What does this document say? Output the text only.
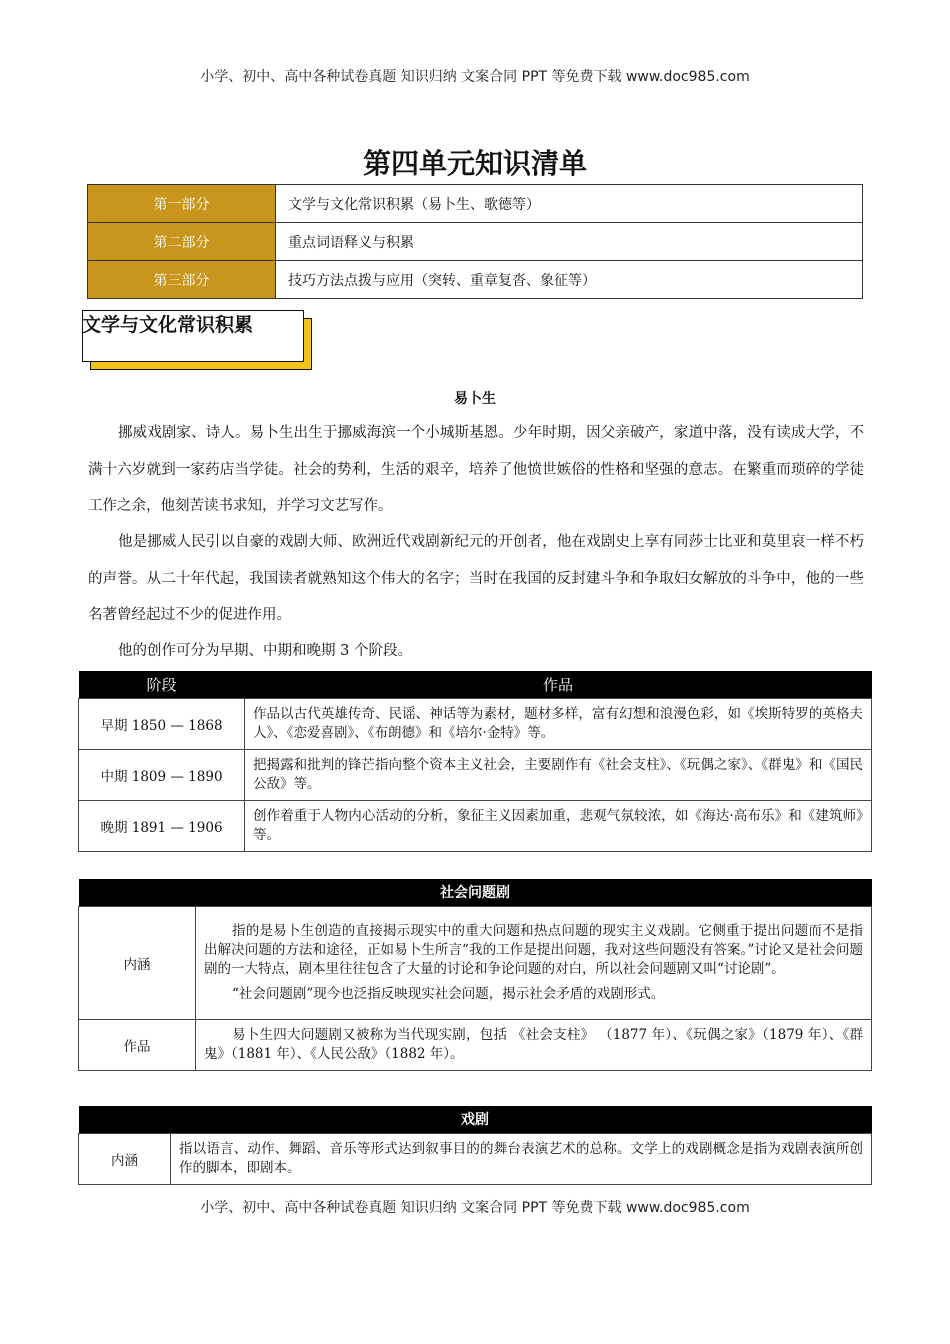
小学、初中、高中各种试卷真题 知识归纳 文案合同 PPT 等免费下载 www.doc985.com
第四单元知识清单
第一部分	文学与文化常识积累（易卜生、歌德等）
第二部分	重点词语释义与积累
第三部分	技巧方法点拨与应用（突转、重章复沓、象征等）
文学与文化常识积累
易卜生

挪威戏剧家、诗人。易卜生出生于挪威海滨一个小城斯基恩。少年时期，因父亲破产，家道中落，没有读成大学，不满十六岁就到一家药店当学徒。社会的势利，生活的艰辛，培养了他愤世嫉俗的性格和坚强的意志。在繁重而琐碎的学徒工作之余，他刻苦读书求知，并学习文艺写作。

他是挪威人民引以自豪的戏剧大师、欧洲近代戏剧新纪元的开创者，他在戏剧史上享有同莎士比亚和莫里哀一样不朽的声誉。从二十年代起，我国读者就熟知这个伟大的名字；当时在我国的反封建斗争和争取妇女解放的斗争中，他的一些名著曾经起过不少的促进作用。

他的创作可分为早期、中期和晚期 3 个阶段。

阶段	作品
早期 1850 — 1868	作品以古代英雄传奇、民谣、神话等为素材，题材多样，富有幻想和浪漫色彩，如《埃斯特罗的英格夫人》、《恋爱喜剧》、《布朗德》和《培尔·金特》等。
中期 1809 — 1890	把揭露和批判的锋芒指向整个资本主义社会，主要剧作有《社会支柱》、《玩偶之家》、《群鬼》和《国民公敌》等。
晚期 1891 — 1906	创作着重于人物内心活动的分析，象征主义因素加重，悲观气氛较浓，如《海达·高布乐》和《建筑师》等。
社会问题剧	
内涵	指的是易卜生创造的直接揭示现实中的重大问题和热点问题的现实主义戏剧。它侧重于提出问题而不是指出解决问题的方法和途径，正如易卜生所言“我的工作是提出问题，我对这些问题没有答案。”讨论又是社会问题剧的一大特点，剧本里往往包含了大量的讨论和争论问题的对白，所以社会问题剧又叫“讨论剧”。

“社会问题剧”现今也泛指反映现实社会问题，揭示社会矛盾的戏剧形式。

作品	易卜生四大问题剧又被称为当代现实剧，包括 《社会支柱》 （1877 年）、《玩偶之家》（1879 年）、《群鬼》（1881 年）、《人民公敌》（1882 年）。

戏剧
内涵	指以语言、动作、舞蹈、音乐等形式达到叙事目的的舞台表演艺术的总称。文学上的戏剧概念是指为戏剧表演所创作的脚本，即剧本。
小学、初中、高中各种试卷真题 知识归纳 文案合同 PPT 等免费下载 www.doc985.com
